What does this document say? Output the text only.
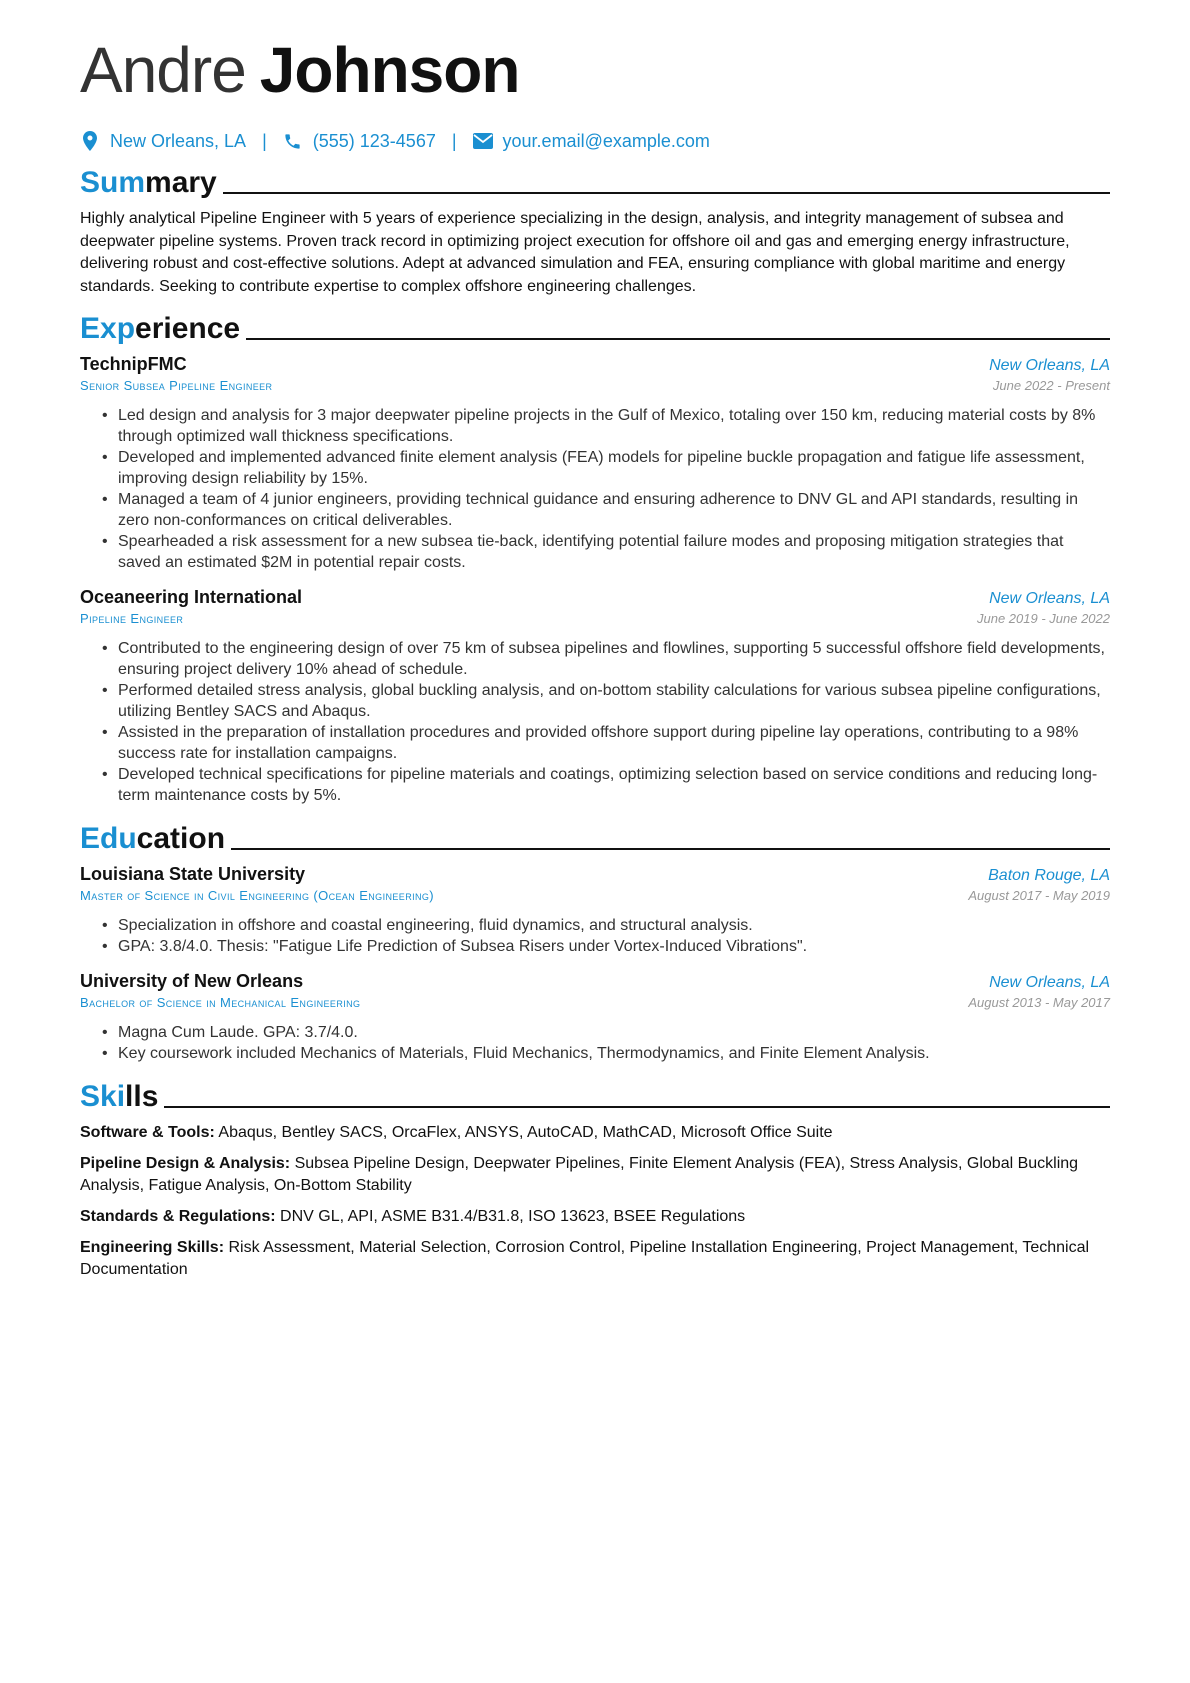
Andre Johnson
New Orleans, LA |	(555) 123-4567 |	your.email@example.com
Sum mary

Highly analytical Pipeline Engineer with 5 years of experience specializing in the design, analysis, and integrity management of subsea and deepwater pipeline systems. Proven track record in optimizing project execution for offshore oil and gas and emerging energy infrastructure, delivering robust and cost-effective solutions. Adept at advanced simulation and FEA, ensuring compliance with global maritime and energy standards. Seeking to contribute expertise to complex offshore engineering challenges.

Exp erience
TechnipFMC	New Orleans, LA
Senior Subsea Pipeline Engineer	June 2022 - Present
• Led design and analysis for 3 major deepwater pipeline projects in the Gulf of Mexico, totaling over 150 km, reducing material costs by 8% through optimized wall thickness specifications.
• Developed and implemented advanced finite element analysis (FEA) models for pipeline buckle propagation and fatigue life assessment, improving design reliability by 15%.
• Managed a team of 4 junior engineers, providing technical guidance and ensuring adherence to DNV GL and API standards, resulting in zero non-conformances on critical deliverables.
• Spearheaded a risk assessment for a new subsea tie-back, identifying potential failure modes and proposing mitigation strategies that saved an estimated $2M in potential repair costs.
Oceaneering International	New Orleans, LA
Pipeline Engineer	June 2019 - June 2022
• Contributed to the engineering design of over 75 km of subsea pipelines and flowlines, supporting 5 successful offshore field developments, ensuring project delivery 10% ahead of schedule.
• Performed detailed stress analysis, global buckling analysis, and on-bottom stability calculations for various subsea pipeline configurations, utilizing Bentley SACS and Abaqus.
• Assisted in the preparation of installation procedures and provided offshore support during pipeline lay operations, contributing to a 98% success rate for installation campaigns.
• Developed technical specifications for pipeline materials and coatings, optimizing selection based on service conditions and reducing long-term maintenance costs by 5%.
Edu cation
Louisiana State University	Baton Rouge, LA
Master of Science in Civil Engineering (Ocean Engineering)	August 2017 - May 2019
• Specialization in offshore and coastal engineering, fluid dynamics, and structural analysis.
• GPA: 3.8/4.0. Thesis: "Fatigue Life Prediction of Subsea Risers under Vortex-Induced Vibrations".
University of New Orleans	New Orleans, LA
Bachelor of Science in Mechanical Engineering	August 2013 - May 2017
• Magna Cum Laude. GPA: 3.7/4.0.
• Key coursework included Mechanics of Materials, Fluid Mechanics, Thermodynamics, and Finite Element Analysis.
Ski lls

Software & Tools: Abaqus, Bentley SACS, OrcaFlex, ANSYS, AutoCAD, MathCAD, Microsoft Office Suite

Pipeline Design & Analysis: Subsea Pipeline Design, Deepwater Pipelines, Finite Element Analysis (FEA), Stress Analysis, Global Buckling Analysis, Fatigue Analysis, On-Bottom Stability

Standards & Regulations: DNV GL, API, ASME B31.4/B31.8, ISO 13623, BSEE Regulations

Engineering Skills: Risk Assessment, Material Selection, Corrosion Control, Pipeline Installation Engineering, Project Management, Technical Documentation
